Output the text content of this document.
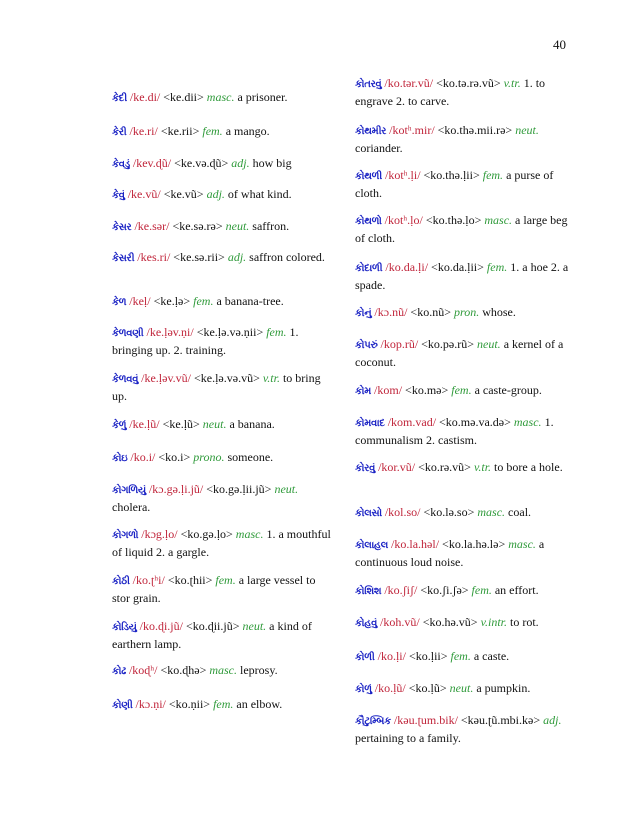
40
કેદી /ke.di/ <ke.dii> masc. a prisoner.
કેરી /ke.ri/ <ke.rii> fem. a mango.
કેવડું /kev.ɖũ/ <ke.və.ɖũ> adj. how big
કેવું /ke.vũ/ <ke.vũ> adj. of what kind.
કેસર /ke.sər/ <ke.sə.rə> neut. saffron.
કેસરી /kes.ri/ <ke.sə.rii> adj. saffron colored.
કેળ /keḷ/ <ke.ḷə> fem. a banana-tree.
કેળવણી /ke.ḷəv.ṇi/ <ke.ḷə.və.ṇii> fem. 1. bringing up. 2. training.
કેળવવું /ke.ḷəv.vũ/ <ke.ḷə.və.vũ> v.tr. to bring up.
કેળું /ke.ḷũ/ <ke.ḷũ> neut. a banana.
કોઇ /ko.i/ <ko.i> prono. someone.
કોગળિયું /kɔ.gə.ḷi.jũ/ <ko.gə.ḷii.jũ> neut. cholera.
કોગળો /kɔg.ḷo/ <ko.gə.ḷo> masc. 1. a mouthful of liquid 2. a gargle.
કોઠી /ko.ʈʰi/ <ko.ʈhii> fem. a large vessel to stor grain.
કોડિયું /ko.ɖi.jũ/ <ko.ɖii.jũ> neut. a kind of earthern lamp.
કોઢ /koɖʰ/ <ko.ɖhə> masc. leprosy.
કોણી /kɔ.ṇi/ <ko.ṇii> fem. an elbow.
કોતરવું /ko.tər.vũ/ <ko.tə.rə.vũ> v.tr. 1. to engrave 2. to carve.
કોથમીર /kotʰ.mir/ <ko.thə.mii.rə> neut. coriander.
કોથળી /kotʰ.ḷi/ <ko.thə.ḷii> fem. a purse of cloth.
કોથળો /kotʰ.ḷo/ <ko.thə.ḷo> masc. a large beg of cloth.
કોદાળી /ko.da.ḷi/ <ko.da.ḷii> fem. 1. a hoe 2. a spade.
કોનું /kɔ.nũ/ <ko.nũ> pron. whose.
કોપરું /kop.rũ/ <ko.pə.rũ> neut. a kernel of a coconut.
કોમ /kom/ <ko.mə> fem. a caste-group.
કોમવાદ /kom.vad/ <ko.mə.va.də> masc. 1. communalism 2. castism.
કોરવું /kor.vũ/ <ko.rə.vũ> v.tr. to bore a hole.
કોલસો /kol.so/ <ko.lə.so> masc. coal.
કોલાહલ /ko.la.həl/ <ko.la.hə.lə> masc. a continuous loud noise.
કોશિશ /ko.ʃiʃ/ <ko.ʃi.ʃə> fem. an effort.
કોહવું /koh.vũ/ <ko.hə.vũ> v.intr. to rot.
કોળી /ko.ḷi/ <ko.ḷii> fem. a caste.
કોળું /ko.ḷũ/ <ko.ḷũ> neut. a pumpkin.
કૌટુમ્બિક /kəu.ʈum.bik/ <kəu.ʈũ.mbi.kə> adj. pertaining to a family.
